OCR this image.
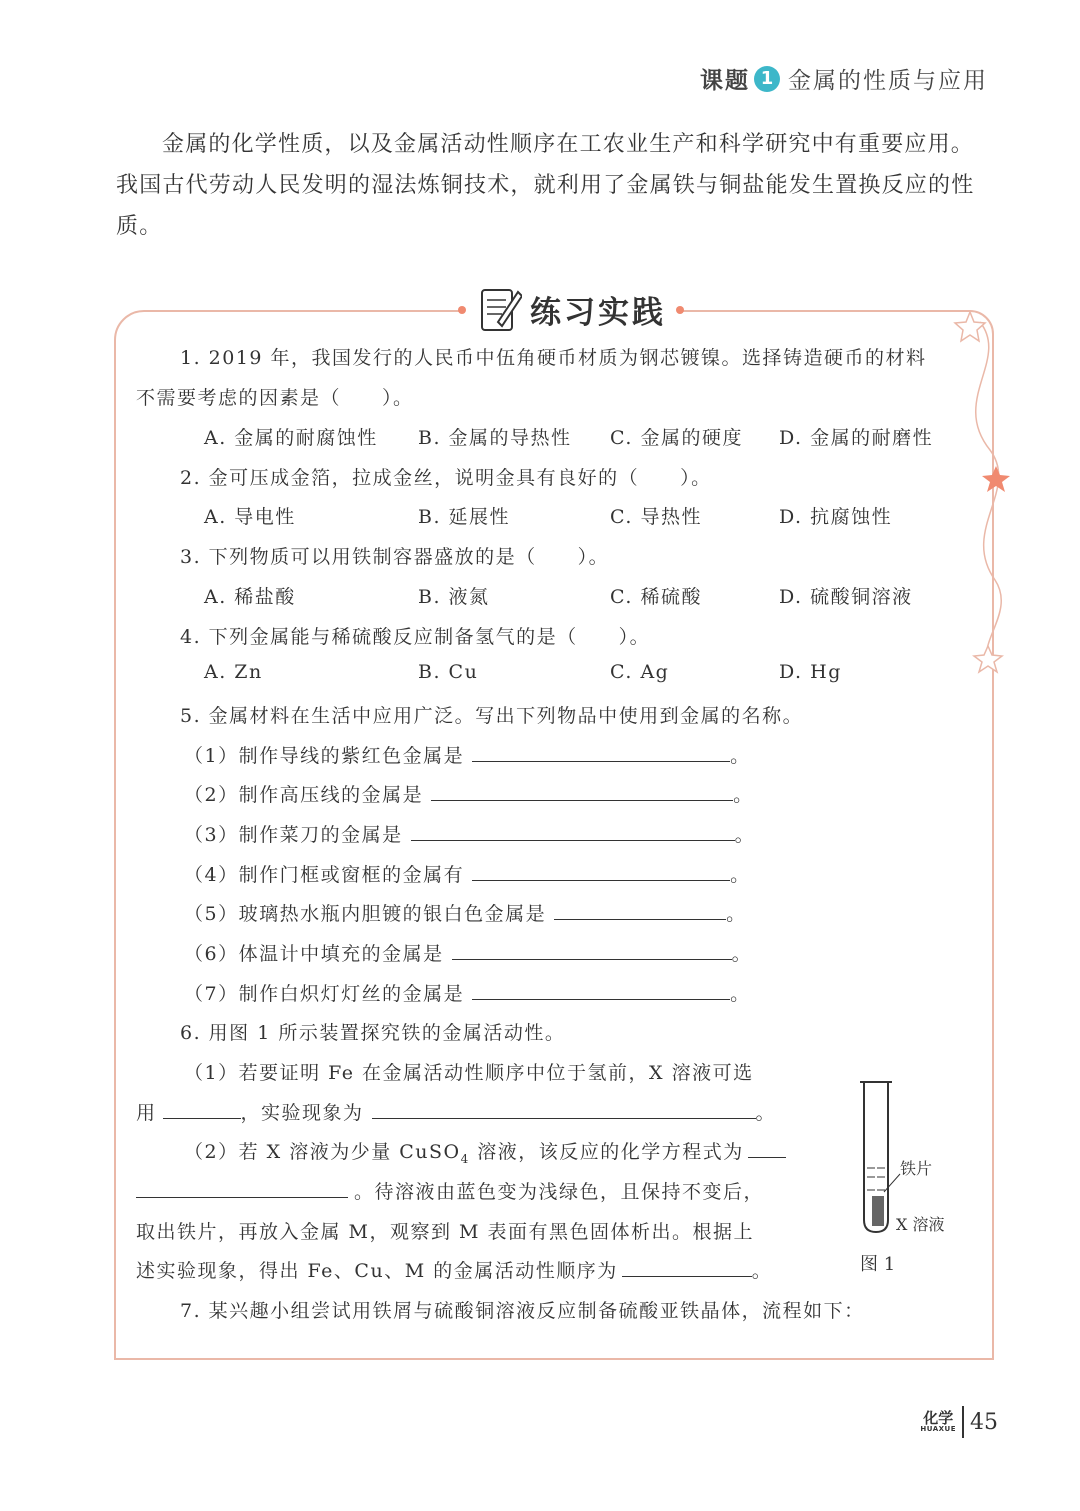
课题 1 金属的性质与应用
金属的化学性质，以及金属活动性顺序在工农业生产和科学研究中有重要应用。我国古代劳动人民发明的湿法炼铜技术，就利用了金属铁与铜盐能发生置换反应的性质。
练习实践
1. 2019 年，我国发行的人民币中伍角硬币材质为钢芯镀镍。选择铸造硬币的材料
不需要考虑的因素是（　　）。
A. 金属的耐腐蚀性 B. 金属的导热性 C. 金属的硬度 D. 金属的耐磨性
2. 金可压成金箔，拉成金丝，说明金具有良好的（　　）。
A. 导电性	B. 延展性	C. 导热性	D. 抗腐蚀性
3. 下列物质可以用铁制容器盛放的是（　　）。
A. 稀盐酸	B. 液氮	C. 稀硫酸	D. 硫酸铜溶液
4. 下列金属能与稀硫酸反应制备氢气的是（　　）。
A. Zn	B. Cu	C. Ag	D. Hg
5. 金属材料在生活中应用广泛。写出下列物品中使用到金属的名称。
（1）制作导线的紫红色金属是	。
（2）制作高压线的金属是	。
（3）制作菜刀的金属是	。
（4）制作门框或窗框的金属有	。
（5）玻璃热水瓶内胆镀的银白色金属是	。
（6）体温计中填充的金属是	。
（7）制作白炽灯灯丝的金属是	。
6. 用图 1 所示装置探究铁的金属活动性。
（1）若要证明 Fe 在金属活动性顺序中位于氢前，X 溶液可选
用	，实验现象为	。
（2）若 X 溶液为少量 CuSO$_4$ 溶液，该反应的化学方程式为
。待溶液由蓝色变为浅绿色，且保持不变后，
取出铁片，再放入金属 M，观察到 M 表面有黑色固体析出。根据上
述实验现象，得出 Fe、Cu、M 的金属活动性顺序为	。
铁片
X 溶液
图 1
7. 某兴趣小组尝试用铁屑与硫酸铜溶液反应制备硫酸亚铁晶体，流程如下：
化学
HUAXUE 45
